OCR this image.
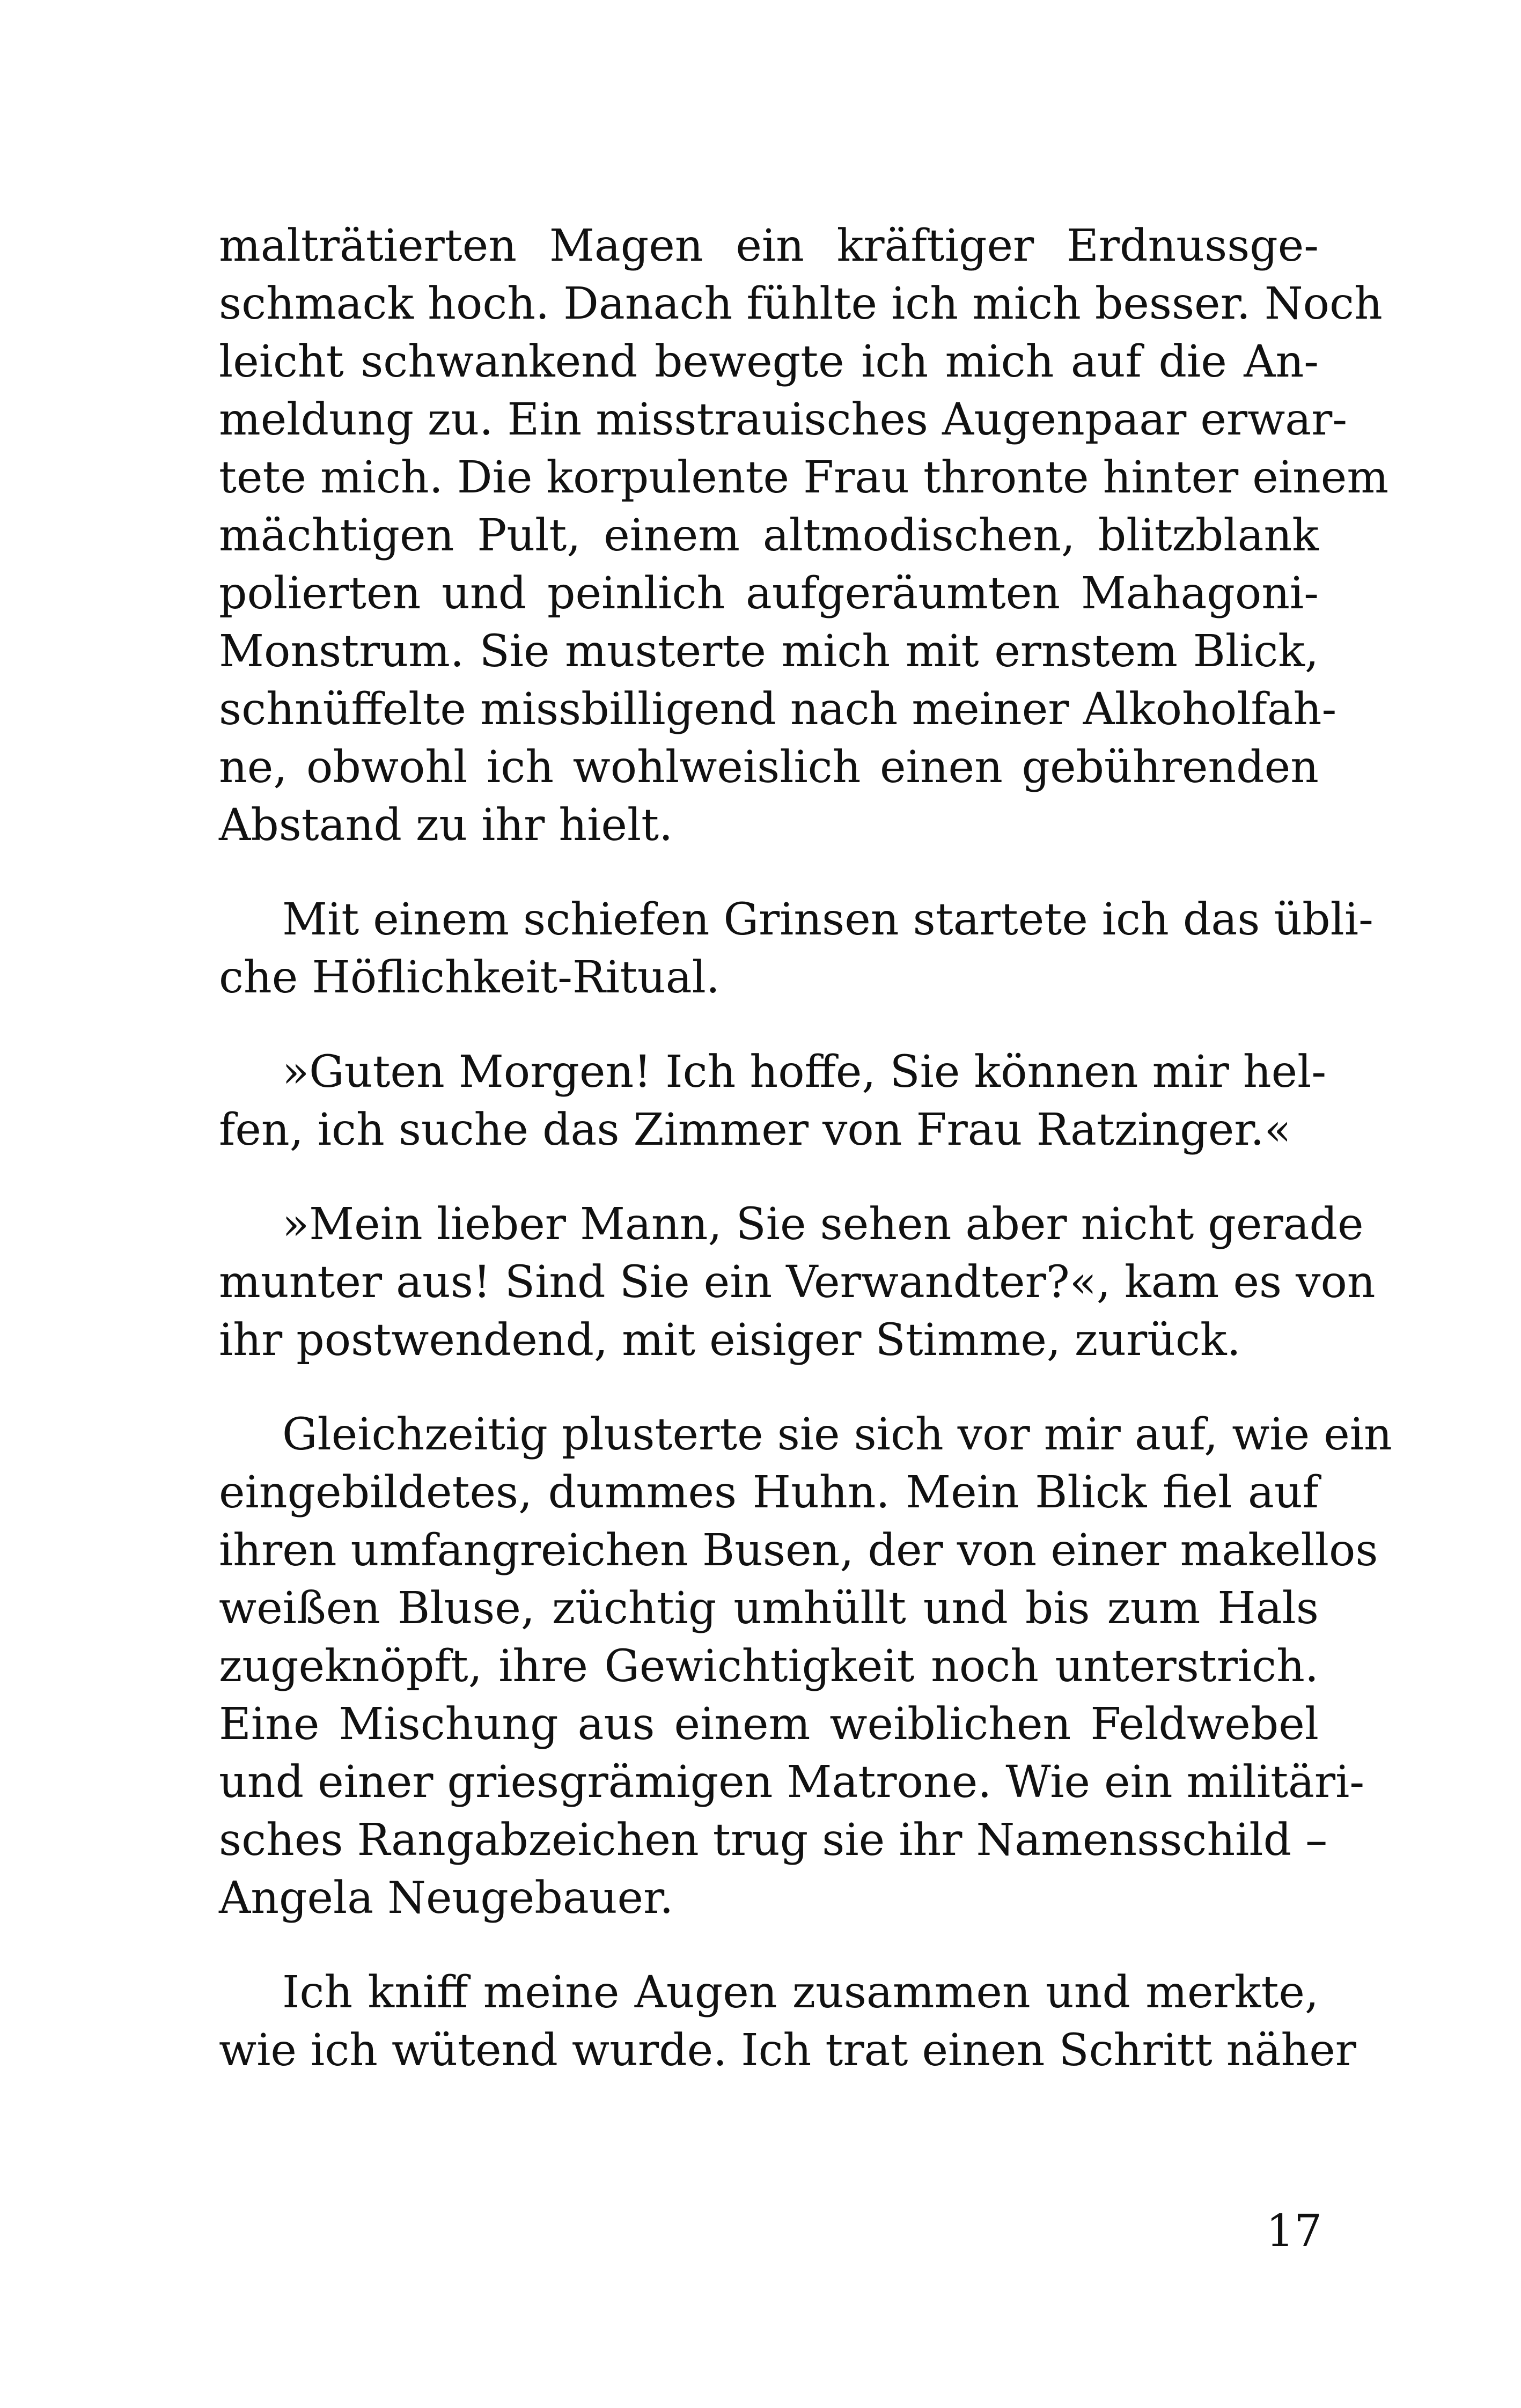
malträtierten Magen ein kräftiger Erdnussge-
schmack hoch. Danach fühlte ich mich besser. Noch
leicht schwankend bewegte ich mich auf die An-
meldung zu. Ein misstrauisches Augenpaar erwar-
tete mich. Die korpulente Frau thronte hinter einem
mächtigen Pult, einem altmodischen, blitzblank
polierten und peinlich aufgeräumten Mahagoni-
Monstrum. Sie musterte mich mit ernstem Blick,
schnüffelte missbilligend nach meiner Alkoholfah-
ne, obwohl ich wohlweislich einen gebührenden
Abstand zu ihr hielt.

Mit einem schiefen Grinsen startete ich das übli-
che Höflichkeit-Ritual.

»Guten Morgen! Ich hoffe, Sie können mir hel-
fen, ich suche das Zimmer von Frau Ratzinger.«

»Mein lieber Mann, Sie sehen aber nicht gerade
munter aus! Sind Sie ein Verwandter?«, kam es von
ihr postwendend, mit eisiger Stimme, zurück.

Gleichzeitig plusterte sie sich vor mir auf, wie ein
eingebildetes, dummes Huhn. Mein Blick fiel auf
ihren umfangreichen Busen, der von einer makellos
weißen Bluse, züchtig umhüllt und bis zum Hals
zugeknöpft, ihre Gewichtigkeit noch unterstrich.
Eine Mischung aus einem weiblichen Feldwebel
und einer griesgrämigen Matrone. Wie ein militäri-
sches Rangabzeichen trug sie ihr Namensschild –
Angela Neugebauer.

Ich kniff meine Augen zusammen und merkte,
wie ich wütend wurde. Ich trat einen Schritt näher

17
